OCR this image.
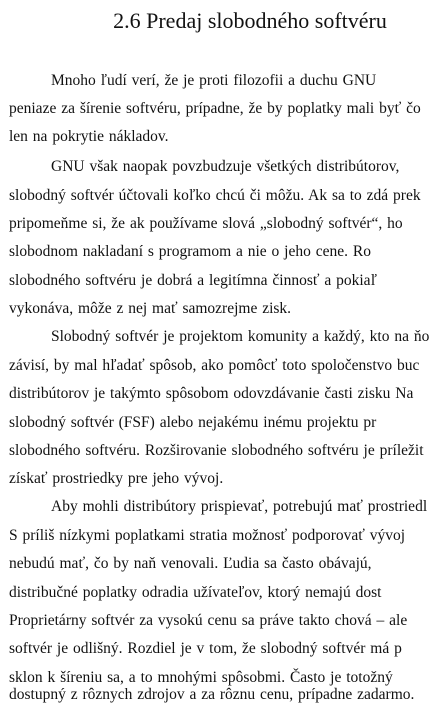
2.6 Predaj slobodného softvéru
Mnoho ľudí verí, že je proti filozofii a duchu GNU
peniaze za šírenie softvéru, prípadne, že by poplatky mali byť čo
len na pokrytie nákladov.
GNU však naopak povzbudzuje všetkých distribútorov,
slobodný softvér účtovali koľko chcú či môžu. Ak sa to zdá prek
pripomeňme si, že ak používame slová „slobodný softvér“, ho
slobodnom nakladaní s programom a nie o jeho cene. Ro
slobodného softvéru je dobrá a legitímna činnosť a pokiaľ
vykonáva, môže z nej mať samozrejme zisk.
Slobodný softvér je projektom komunity a každý, kto na ňo
závisí, by mal hľadať spôsob, ako pomôcť toto spoločenstvo buc
distribútorov je takýmto spôsobom odovzdávanie časti zisku Na
slobodný softvér (FSF) alebo nejakému inému projektu pr
slobodného softvéru. Rozširovanie slobodného softvéru je príležit
získať prostriedky pre jeho vývoj.
Aby mohli distribútory prispievať, potrebujú mať prostriedl
S príliš nízkymi poplatkami stratia možnosť podporovať vývoj
nebudú mať, čo by naň venovali. Ľudia sa často obávajú,
distribučné poplatky odradia užívateľov, ktorý nemajú dost
Proprietárny softvér za vysokú cenu sa práve takto chová – ale
softvér je odlišný. Rozdiel je v tom, že slobodný softvér má p
sklon k šíreniu sa, a to mnohými spôsobmi. Často je totožný
dostupný z rôznych zdrojov a za rôznu cenu, prípadne zadarmo.
